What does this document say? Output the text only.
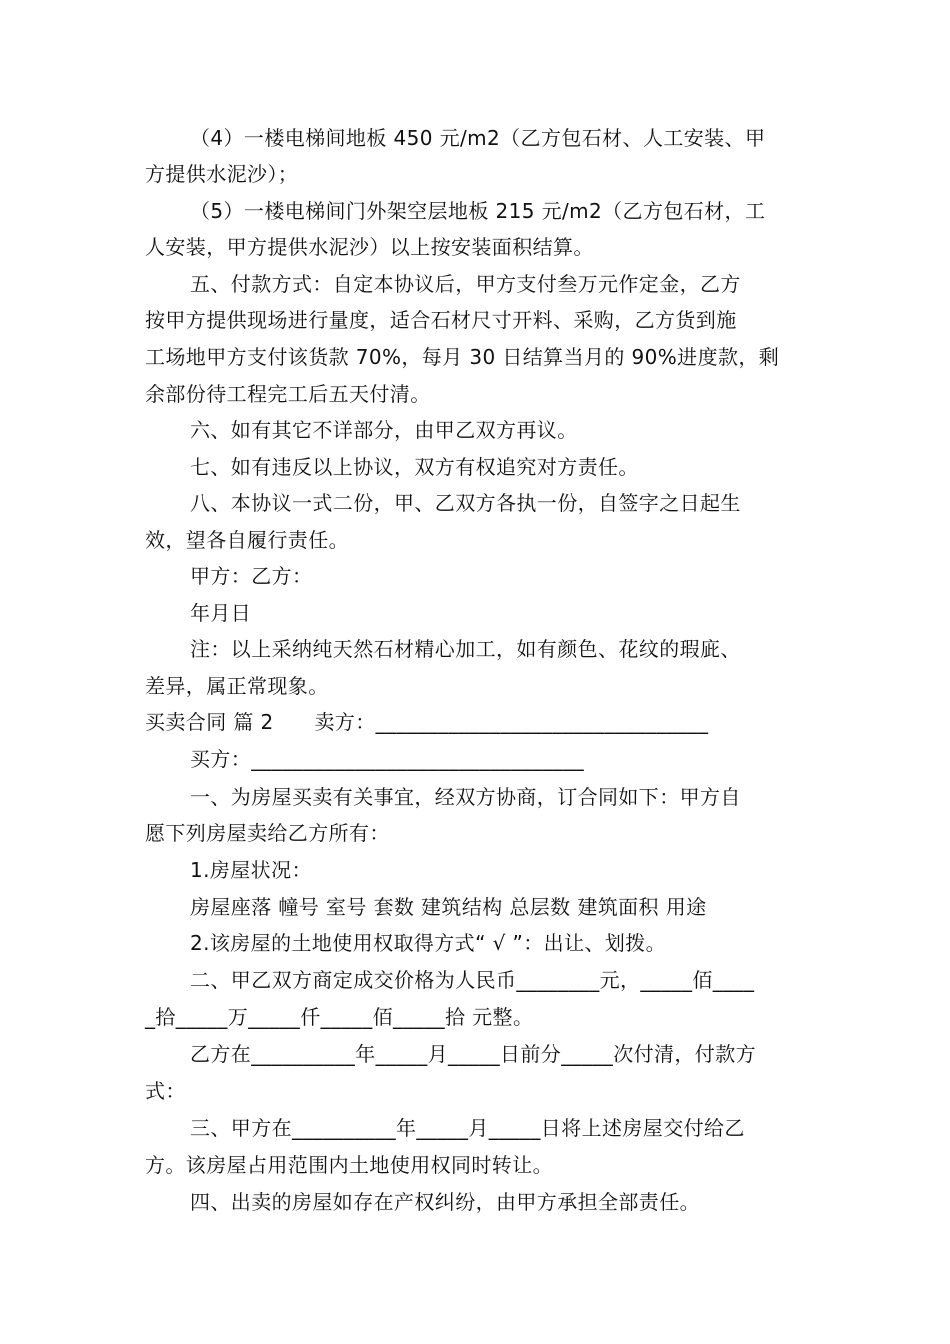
（4）一楼电梯间地板 450 元/m2（乙方包石材、人工安装、甲
方提供水泥沙）；
（5）一楼电梯间门外架空层地板 215 元/m2（乙方包石材，工
人安装，甲方提供水泥沙）以上按安装面积结算。
五、付款方式：自定本协议后，甲方支付叁万元作定金，乙方
按甲方提供现场进行量度，适合石材尺寸开料、采购，乙方货到施
工场地甲方支付该货款 70%，每月 30 日结算当月的 90%进度款，剩
余部份待工程完工后五天付清。
六、如有其它不详部分，由甲乙双方再议。
七、如有违反以上协议，双方有权追究对方责任。
八、本协议一式二份，甲、乙双方各执一份，自签字之日起生
效，望各自履行责任。
甲方：乙方：
年月日
注：以上采纳纯天然石材精心加工，如有颜色、花纹的瑕庛、
差异，属正常现象。
买卖合同 篇 2　　卖方：________________________________
买方：________________________________
一、为房屋买卖有关事宜，经双方协商，订合同如下：甲方自
愿下列房屋卖给乙方所有：
1.房屋状况：
房屋座落 幢号 室号 套数 建筑结构 总层数 建筑面积 用途
2.该房屋的土地使用权取得方式“ √ ”：出让、划拨。
二、甲乙双方商定成交价格为人民币________元，_____佰____
_拾_____万_____仟_____佰_____拾 元整。
乙方在__________年_____月_____日前分_____次付清，付款方
式：
三、甲方在__________年_____月_____日将上述房屋交付给乙
方。该房屋占用范围内土地使用权同时转让。
四、出卖的房屋如存在产权纠纷，由甲方承担全部责任。
